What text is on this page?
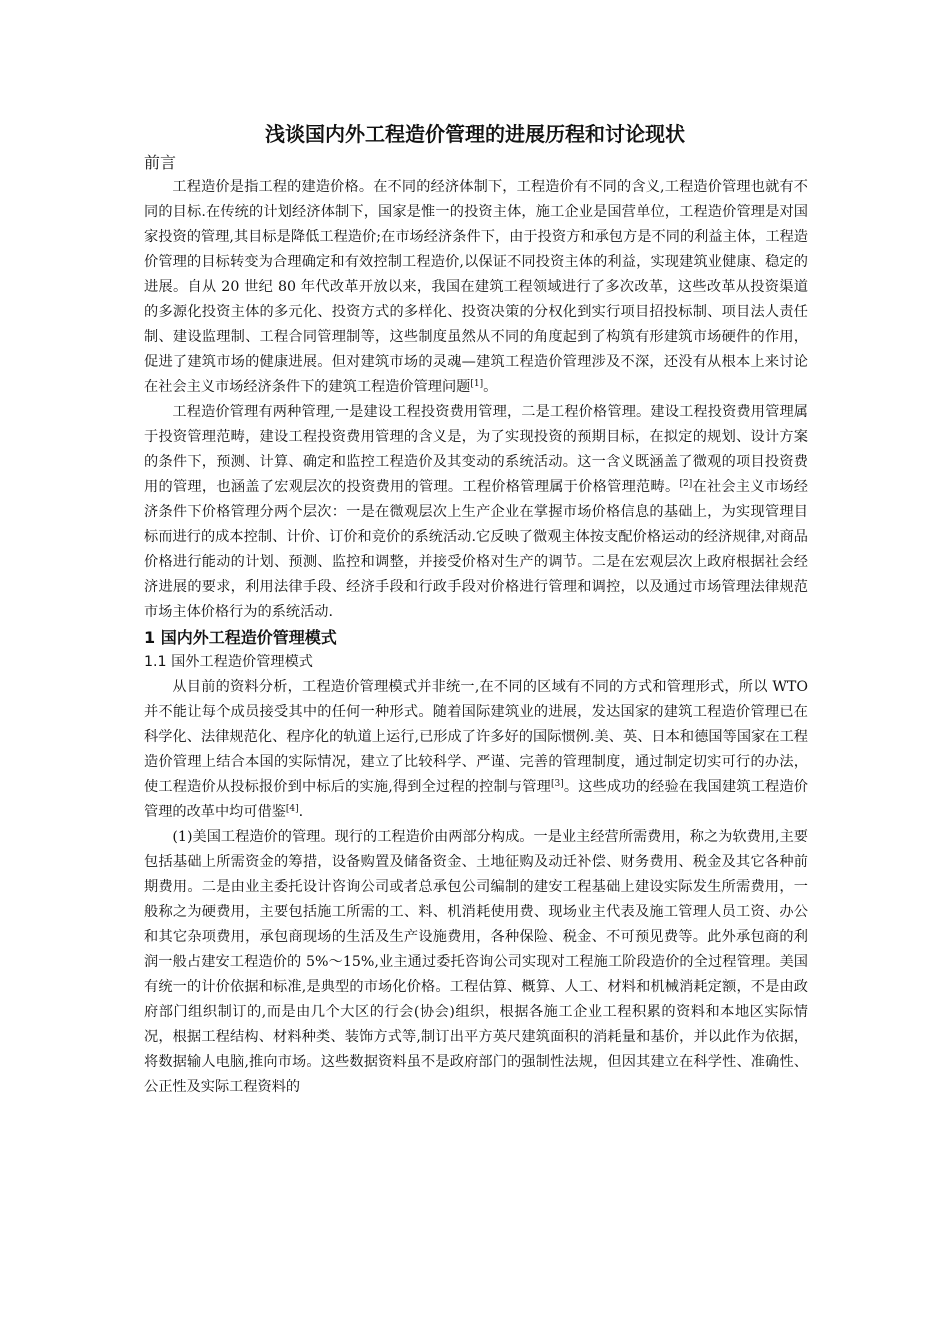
浅谈国内外工程造价管理的进展历程和讨论现状

前言

工程造价是指工程的建造价格。在不同的经济体制下，工程造价有不同的含义,工程造价管理也就有不同的目标.在传统的计划经济体制下，国家是惟一的投资主体，施工企业是国营单位，工程造价管理是对国家投资的管理,其目标是降低工程造价;在市场经济条件下，由于投资方和承包方是不同的利益主体，工程造价管理的目标转变为合理确定和有效控制工程造价,以保证不同投资主体的利益，实现建筑业健康、稳定的进展。自从 20 世纪 80 年代改革开放以来，我国在建筑工程领域进行了多次改革，这些改革从投资渠道的多源化投资主体的多元化、投资方式的多样化、投资决策的分权化到实行项目招投标制、项目法人责任制、建设监理制、工程合同管理制等，这些制度虽然从不同的角度起到了构筑有形建筑市场硬件的作用，促进了建筑市场的健康进展。但对建筑市场的灵魂—建筑工程造价管理涉及不深，还没有从根本上来讨论在社会主义市场经济条件下的建筑工程造价管理问题[1]。

工程造价管理有两种管理,一是建设工程投资费用管理，二是工程价格管理。建设工程投资费用管理属于投资管理范畴，建设工程投资费用管理的含义是，为了实现投资的预期目标，在拟定的规划、设计方案的条件下，预测、计算、确定和监控工程造价及其变动的系统活动。这一含义既涵盖了微观的项目投资费用的管理，也涵盖了宏观层次的投资费用的管理。工程价格管理属于价格管理范畴。[2]在社会主义市场经济条件下价格管理分两个层次：一是在微观层次上生产企业在掌握市场价格信息的基础上，为实现管理目标而进行的成本控制、计价、订价和竞价的系统活动.它反映了微观主体按支配价格运动的经济规律,对商品价格进行能动的计划、预测、监控和调整，并接受价格对生产的调节。二是在宏观层次上政府根据社会经济进展的要求，利用法律手段、经济手段和行政手段对价格进行管理和调控，以及通过市场管理法律规范市场主体价格行为的系统活动.

1 国内外工程造价管理模式

1.1 国外工程造价管理模式

从目前的资料分析，工程造价管理模式并非统一,在不同的区域有不同的方式和管理形式，所以 WTO 并不能让每个成员接受其中的任何一种形式。随着国际建筑业的进展，发达国家的建筑工程造价管理已在科学化、法律规范化、程序化的轨道上运行,已形成了许多好的国际惯例.美、英、日本和德国等国家在工程造价管理上结合本国的实际情况，建立了比较科学、严谨、完善的管理制度，通过制定切实可行的办法，使工程造价从投标报价到中标后的实施,得到全过程的控制与管理[3]。这些成功的经验在我国建筑工程造价管理的改革中均可借鉴[4].

(1)美国工程造价的管理。现行的工程造价由两部分构成。一是业主经营所需费用，称之为软费用,主要包括基础上所需资金的筹措，设备购置及储备资金、土地征购及动迁补偿、财务费用、税金及其它各种前期费用。二是由业主委托设计咨询公司或者总承包公司编制的建安工程基础上建设实际发生所需费用，一般称之为硬费用，主要包括施工所需的工、料、机消耗使用费、现场业主代表及施工管理人员工资、办公和其它杂项费用，承包商现场的生活及生产设施费用，各种保险、税金、不可预见费等。此外承包商的利润一般占建安工程造价的 5%～15%,业主通过委托咨询公司实现对工程施工阶段造价的全过程管理。美国有统一的计价依据和标准,是典型的市场化价格。工程估算、概算、人工、材料和机械消耗定额，不是由政府部门组织制订的,而是由几个大区的行会(协会)组织，根据各施工企业工程积累的资料和本地区实际情况，根据工程结构、材料种类、装饰方式等,制订出平方英尺建筑面积的消耗量和基价，并以此作为依据，将数据输人电脑,推向市场。这些数据资料虽不是政府部门的强制性法规，但因其建立在科学性、准确性、公正性及实际工程资料的
